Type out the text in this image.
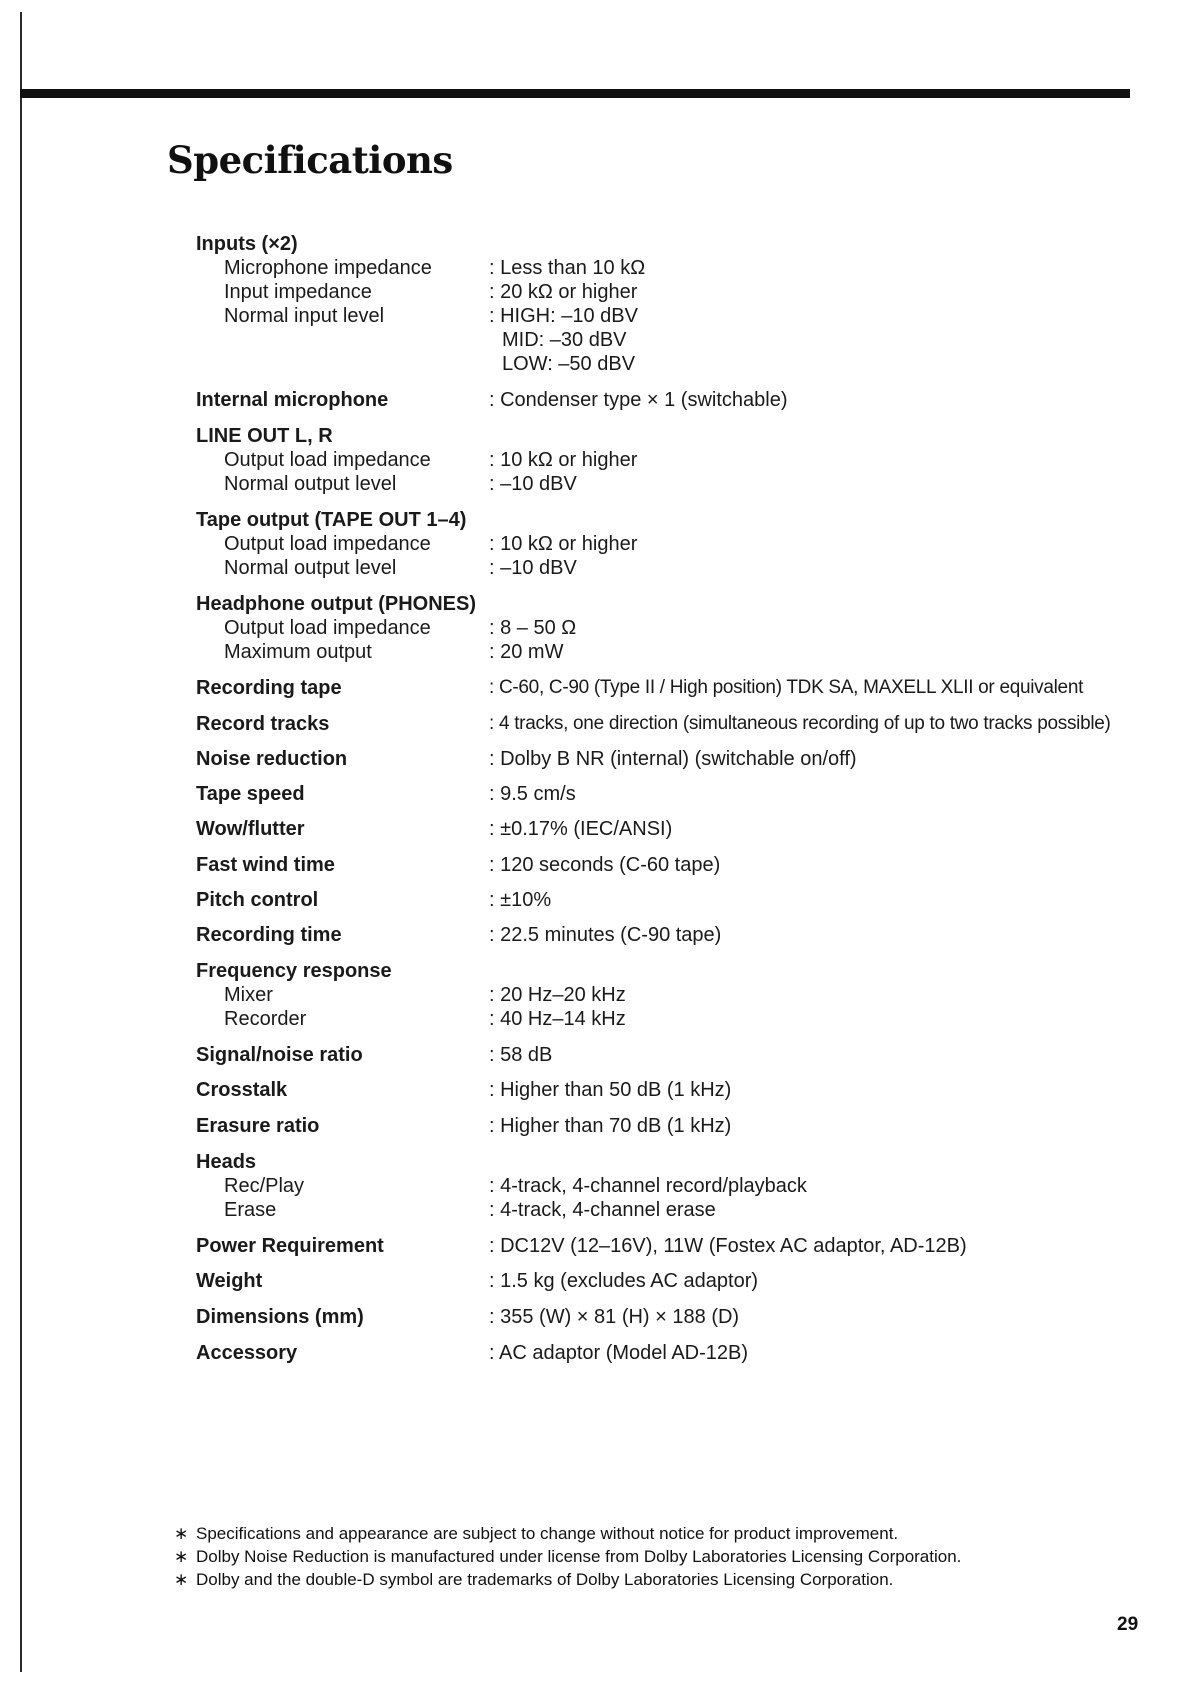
Specifications
Inputs (×2)
Microphone impedance	: Less than 10 kΩ
Input impedance	: 20 kΩ or higher
Normal input level	: HIGH: –10 dBV
MID: –30 dBV
LOW: –50 dBV
Internal microphone	: Condenser type × 1 (switchable)
LINE OUT L, R
Output load impedance	: 10 kΩ or higher
Normal output level	: –10 dBV
Tape output (TAPE OUT 1–4)
Output load impedance	: 10 kΩ or higher
Normal output level	: –10 dBV
Headphone output (PHONES)
Output load impedance	: 8 – 50 Ω
Maximum output	: 20 mW
Recording tape	: C-60, C-90 (Type II / High position) TDK SA, MAXELL XLII or equivalent
Record tracks	: 4 tracks, one direction (simultaneous recording of up to two tracks possible)
Noise reduction	: Dolby B NR (internal) (switchable on/off)
Tape speed	: 9.5 cm/s
Wow/flutter	: ±0.17% (IEC/ANSI)
Fast wind time	: 120 seconds (C-60 tape)
Pitch control	: ±10%
Recording time	: 22.5 minutes (C-90 tape)
Frequency response
Mixer	: 20 Hz–20 kHz
Recorder	: 40 Hz–14 kHz
Signal/noise ratio	: 58 dB
Crosstalk	: Higher than 50 dB (1 kHz)
Erasure ratio	: Higher than 70 dB (1 kHz)
Heads
Rec/Play	: 4-track, 4-channel record/playback
Erase	: 4-track, 4-channel erase
Power Requirement	: DC12V (12–16V), 11W (Fostex AC adaptor, AD-12B)
Weight	: 1.5 kg (excludes AC adaptor)
Dimensions (mm)	: 355 (W) × 81 (H) × 188 (D)
Accessory	: AC adaptor (Model AD-12B)
∗ Specifications and appearance are subject to change without notice for product improvement.
∗ Dolby Noise Reduction is manufactured under license from Dolby Laboratories Licensing Corporation.
∗ Dolby and the double-D symbol are trademarks of Dolby Laboratories Licensing Corporation.
29
